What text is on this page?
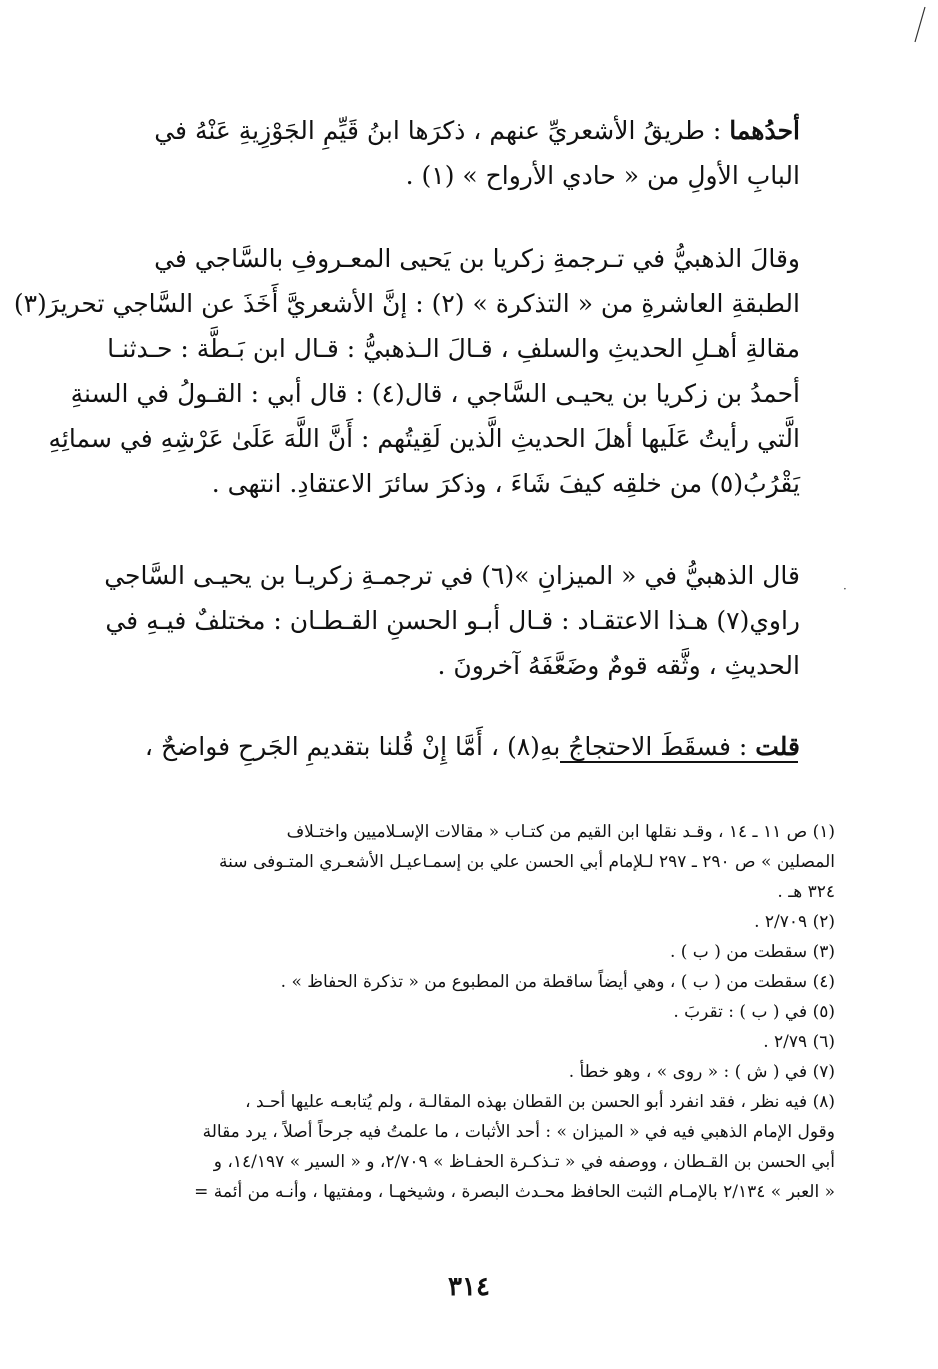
أحدُهما : طريقُ الأشعريِّ عنهم ، ذكرَها ابنُ قَيِّمِ الجَوْزِيةِ عَنْهُ في
البابِ الأولِ من « حادي الأرواح » (١) .
وقالَ الذهبيُّ في تـرجمةِ زكريا بن يَحيى المعـروفِ بالسَّاجي في
الطبقةِ العاشرةِ من « التذكرة » (٢) : إنَّ الأشعريَّ أَخَذَ عن السَّاجي تحريرَ(٣)
مقالةِ أهـلِ الحديثِ والسلفِ ، قـالَ الـذهبيُّ : قـال ابن بَـطَّة : حـدثنـا
أحمدُ بن زكريا بن يحيـى السَّاجي ، قال(٤) : قال أبي : القـولُ في السنةِ
الَّتي رأيتُ عَلَيها أهلَ الحديثِ الَّذين لَقِيتُهم : أَنَّ اللَّهَ عَلَىٰ عَرْشِهِ في سمائِهِ
يَقْرُبُ(٥) من خلقِه كيفَ شَاءَ ، وذكرَ سائرَ الاعتقادِ. انتهى .
قال الذهبيُّ في « الميزانِ »(٦) في ترجمـةِ زكريـا بن يحيـى السَّاجي
راوي(٧) هـذا الاعتقـاد : قـال أبـو الحسنِ القـطـان : مختلفٌ فيـهِ في
الحديثِ ، وثَّقه قومٌ وضَعَّفَهُ آخرونَ .
قلت : فسقَطَ الاحتجاجُ بهِ(٨) ، أَمَّا إِنْ قُلنا بتقديمِ الجَرحِ فواضحٌ ،
·
(١) ص ١١ ـ ١٤ ، وقـد نقلها ابن القيم من كتـاب « مقالات الإسـلاميين واختـلاف
المصلين » ص ٢٩٠ ـ ٢٩٧ لـلإمام أبي الحسن علي بن إسمـاعيـل الأشعـري المتـوفى سنة
٣٢٤ هـ .
(٢) ٢/٧٠٩ .
(٣) سقطت من ( ب ) .
(٤) سقطت من ( ب ) ، وهي أيضاً ساقطة من المطبوع من « تذكرة الحفاظ » .
(٥) في ( ب ) : تقربَ .
(٦) ٢/٧٩ .
(٧) في ( ش ) : « روى » ، وهو خطأ .
(٨) فيه نظر ، فقد انفرد أبو الحسن بن القطان بهذه المقالـة ، ولم يُتابعـه عليها أحـد ،
وقول الإمام الذهبي فيه في « الميزان » : أحد الأثبات ، ما علمتُ فيه جرحاً أصلاً ، يرد مقالة
أبي الحسن بن القـطان ، ووصفه في « تـذكـرة الحفـاظ » ٢/٧٠٩، و « السير » ١٤/١٩٧، و
« العبر » ٢/١٣٤ بالإمـام الثبت الحافظ محـدث البصرة ، وشيخهـا ، ومفتيها ، وأنـه من أئمة =
٣١٤
